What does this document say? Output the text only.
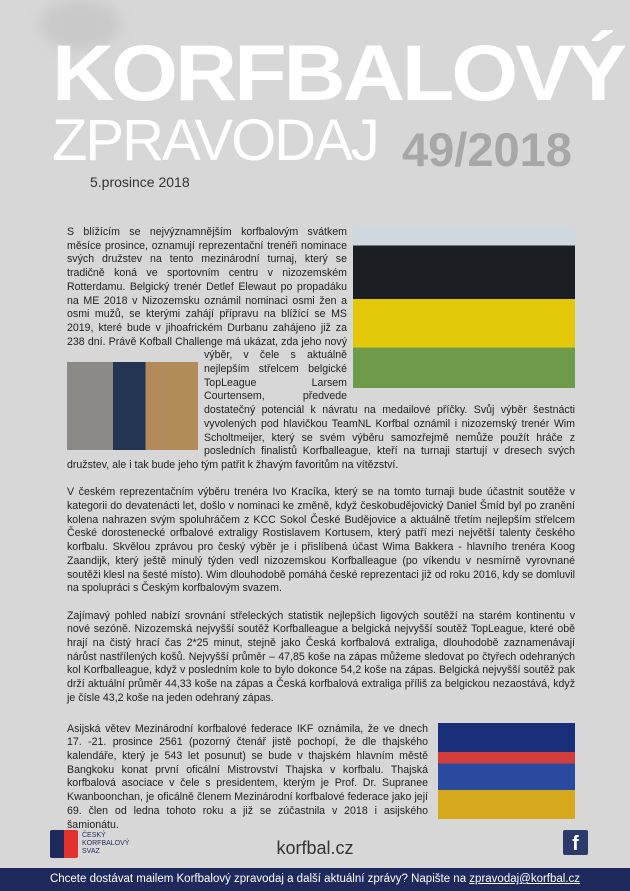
KORFBALOVÝ
ZPRAVODAJ 49/2018
5.prosince 2018

S blížícím se nejvýznamnějším korfbalovým svátkem měsíce prosince, oznamují reprezentační trenéři nominace svých družstev na tento mezinárodní turnaj, který se tradičně koná ve sportovním centru v nizozemském Rotterdamu. Belgický trenér Detlef Elewaut po propadáku na ME 2018 v Nizozemsku oznámil nominaci osmi žen a osmi mužů, se kterými zahájí přípravu na blížící se MS 2019, které bude v jihoafrickém Durbanu zahájeno již za 238 dní. Právě Kofball Challenge má ukázat, zda jeho nový výběr, v čele s aktuálně nejlepším střelcem belgické TopLeague Larsem Courtensem, předvede dostatečný potenciál k návratu na medailové příčky. Svůj výběr šestnácti vyvolených pod hlavičkou TeamNL Korfbal oznámil i nizozemský trenér Wim Scholtmeijer, který se svém výběru samozřejmě nemůže použít hráče z posledních finalistů Korfballeague, kteří na turnaji startují v dresech svých družstev, ale i tak bude jeho tým patřit k žhavým favoritům na vítězství.

V českém reprezentačním výběru trenéra Ivo Kracíka, který se na tomto turnaji bude účastnit soutěže v kategorii do devatenácti let, došlo v nominaci ke změně, když českobudějovický Daniel Šmíd byl po zranění kolena nahrazen svým spoluhráčem z KCC Sokol České Budějovice a aktuálně třetím nejlepším střelcem České dorostenecké orfbalové extraligy Rostislavem Kortusem, který patří mezi největší talenty českého korfbalu. Skvělou zprávou pro český výběr je i přislíbená účast Wima Bakkera - hlavního trenéra Koog Zaandijk, který ještě minulý týden vedl nizozemskou Korfballeague (po víkendu v nesmírně vyrovnané soutěži klesl na šesté místo). Wim dlouhodobě pomáhá české reprezentaci již od roku 2016, kdy se domluvil na spolupráci s Českým korfbalovým svazem.

Zajímavý pohled nabízí srovnání střeleckých statistik nejlepších ligových soutěží na starém kontinentu v nové sezóně. Nizozemská nejvyšší soutěž Korfballeague a belgická nejvyšší soutěž TopLeague, které obě hrají na čistý hrací čas 2*25 minut, stejně jako Česká korfbalová extraliga, dlouhodobě zaznamenávají nárůst nastřílených košů. Nejvyšší průměr – 47,85 koše na zápas můžeme sledovat po čtyřech odehraných kol Korfballeague, když v posledním kole to bylo dokonce 54,2 koše na zápas. Belgická nejvyšší soutěž pak drží aktuální průměr 44,33 koše na zápas a Česká korfbalová extraliga příliš za belgickou nezaostává, když je čísle 43,2 koše na jeden odehraný zápas.

Asijská větev Mezinárodní korfbalové federace IKF oznámila, že ve dnech 17. -21. prosince 2561 (pozorný čtenář jistě pochopí, že dle thajského kalendáře, který je 543 let posunut) se bude v thajském hlavním městě Bangkoku konat první oficální Mistrovství Thajska v korfbalu. Thajská korfbalová asociace v čele s presidentem, kterým je Prof. Dr. Supranee Kwanboonchan, je oficálně členem Mezinárodní korfbalové federace jako její 69. člen od ledna tohoto roku a již se zúčastnila v 2018 i asijského šamionátu.

ČESKÝ KORFBALOVÝ SVAZ	korfbal.cz	f
Chcete dostávat mailem Korfbalový zpravodaj a další aktuální zprávy? Napište na zpravodaj@korfbal.cz
